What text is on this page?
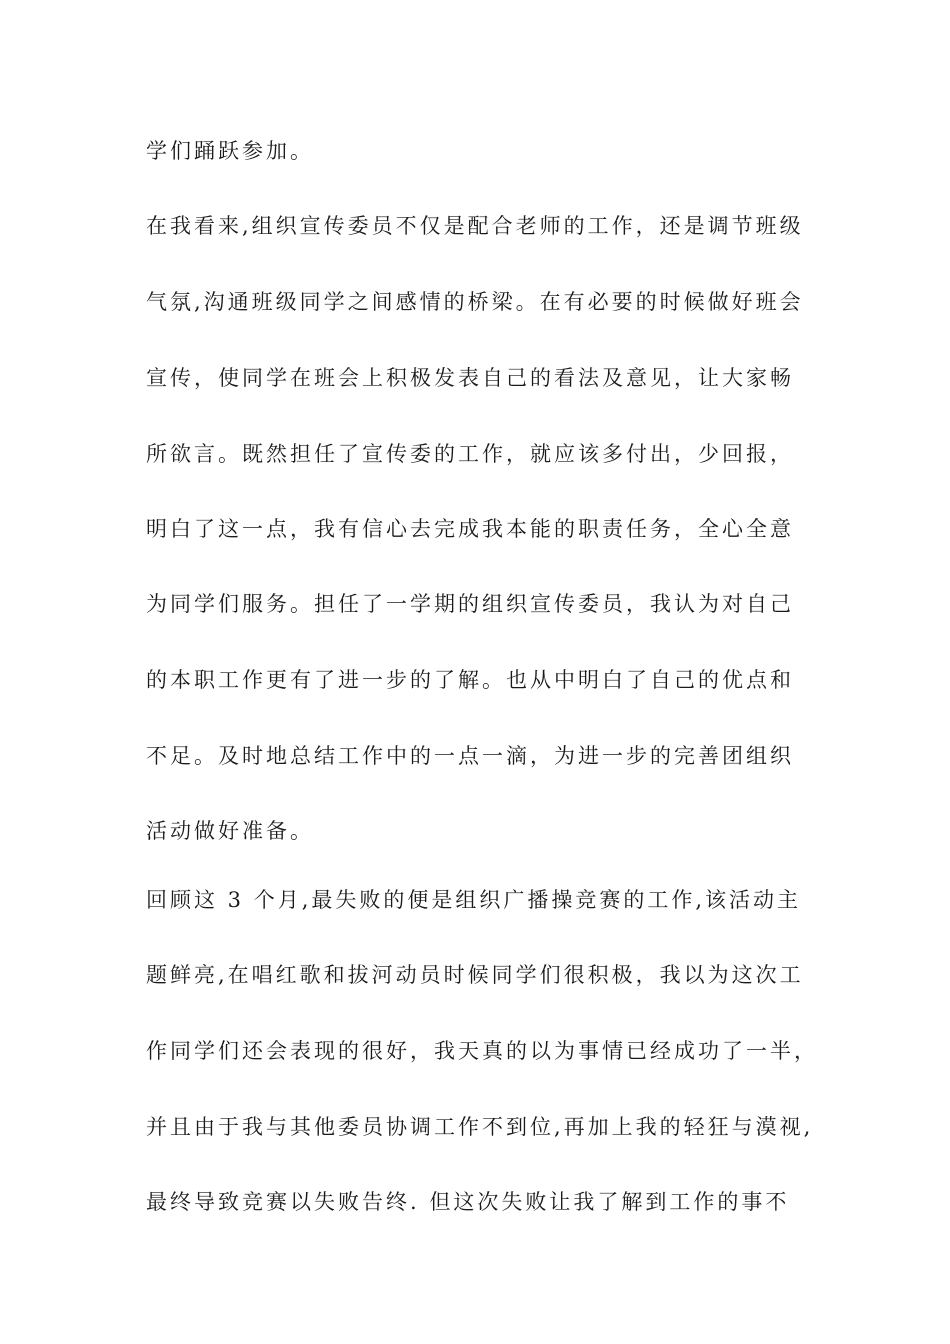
学们踊跃参加。
在我看来,组织宣传委员不仅是配合老师的工作，还是调节班级
气氛,沟通班级同学之间感情的桥梁。在有必要的时候做好班会
宣传，使同学在班会上积极发表自己的看法及意见，让大家畅
所欲言。既然担任了宣传委的工作，就应该多付出，少回报，
明白了这一点，我有信心去完成我本能的职责任务，全心全意
为同学们服务。担任了一学期的组织宣传委员，我认为对自己
的本职工作更有了进一步的了解。也从中明白了自己的优点和
不足。及时地总结工作中的一点一滴，为进一步的完善团组织
活动做好准备。
回顾这 3 个月,最失败的便是组织广播操竞赛的工作,该活动主
题鲜亮,在唱红歌和拔河动员时候同学们很积极，我以为这次工
作同学们还会表现的很好，我天真的以为事情已经成功了一半，
并且由于我与其他委员协调工作不到位,再加上我的轻狂与漠视,
最终导致竞赛以失败告终. 但这次失败让我了解到工作的事不
